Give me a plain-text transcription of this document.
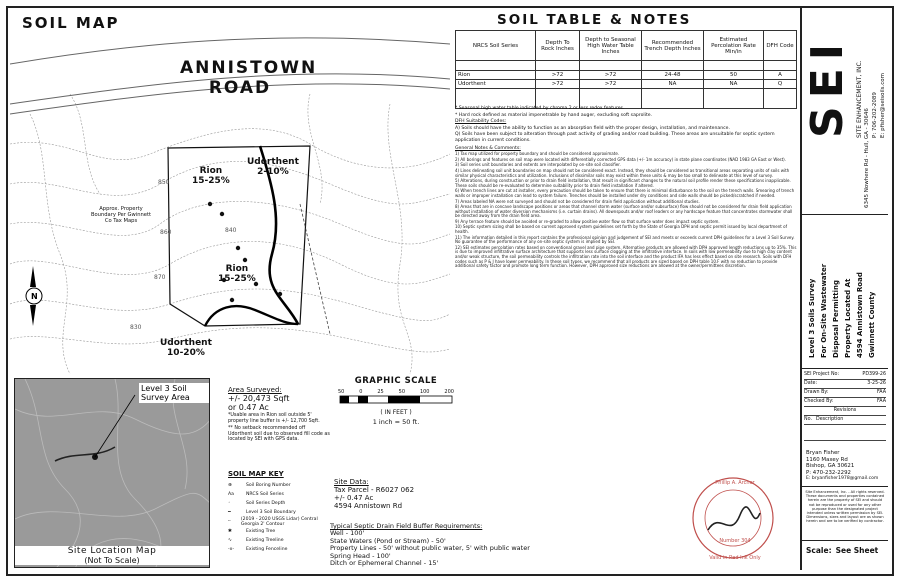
SOIL MAP
N
870
860
850
840
830
ANNISTOWN ROAD
Udorthent
2-10%
Rion
15-25%
Rion
15-25%
Udorthent
10-20%
Approx. Property Boundary Per Gwinnett Co Tax Maps
SOIL TABLE & NOTES
NRCS Soil Series	Depth To Rock Inches	Depth to Seasonal High Water Table Inches	Recommended Trench Depth Inches	Estimated Percolation Rate Min/in	DFH Code

Rion	>72	>72	24-48	50	A
Udorthent	>72	>72	NA	NA	Q

* Seasonal high water table indicated by chroma 2 or less redox features.

* Hard rock defined as material impenetrable by hand auger, excluding soft saprolite.

DFH Suitability Codes:

A) Soils should have the ability to function as an absorption field with the proper design, installation, and maintenance.

Q) Soils have been subject to alteration through past activity of grading and/or road building. These areas are unsuitable for septic system application in current conditions.

General Notes & Comments:

1) Tax map utilized for property boundary and should be considered approximate.

2) All borings and features on soil map were located with differentially corrected GPS data (+/- 1m accuracy) in state plane coordinates (NAD 1983 GA East or West).

3) Soil series unit boundaries and extents are interpolated by on-site soil classifier.

4) Lines delineating soil unit boundaries on map should not be considered exact. Instead, they should be considered as transitional areas separating units of soils with similar physical characteristics and utilization. Inclusions of dissimilar soils may exist within these units & may be too small to delineate at this level of survey.

5) Alterations, during construction or prior to drain field installation, that result in significant changes to the natural soil profile render these specifications inapplicable. These soils should be re-evaluated to determine suitability prior to drain field installation if altered.

6) When trench lines are cut at installer, every precaution should be taken to ensure that there is minimal disturbance to the soil on the trench walls. Smearing of trench walls or improper installation can lead to system failure. Trenches should be installed under dry conditions and side walls should be picked/scratched if needed.

7) Areas labeled NA were not surveyed and should not be considered for drain field application without additional studies.

8) Areas that are in concave landscape positions or areas that channel storm water (surface and/or subsurface) flow should not be considered for drain field application without installation of water diversion mechanisms (i.e. curtain drains). All downspouts and/or roof leaders or any hardscape feature that concentrates stormwater shall be directed away from the drain field area.

9) Any terrace feature should be avoided or re-graded to allow positive water flow so that surface water does impact septic system.

10) Septic system sizing shall be based on current approved system guidelines set forth by the State of Georgia DPH and septic permit issued by local department of health.

11) The information detailed in this report contains the professional opinion and judgement of SEI and meets or exceeds current DPH guidelines for a Level 3 Soil Survey. No guarantee of the performance of any on-site septic system is implied by SEI.

12) SEI estimates percolation rates based on conventional gravel and pipe system. Alternative products are allowed with DPH approved length reductions up to 35%. This is due to improved infiltrative surface architecture that supports less surface clogging at the infiltrative interface. In soils with low permeability due to high clay content and/or weak structure, the soil permeability controls the infiltration rate into the soil interface and the product IFA has less effect based on site research. Soils with DFH codes such as P & J have lower permeability. In these soil types, we recommend that all products are sized based on DPH table 10.F with no reduction to provide additional safety factor and promote long term function. However, DPH approved size reductions are allowed at the owner/permittees discretion.

GRAPHIC SCALE
50	0	25	50	100	200
( IN FEET )
1 inch = 50 ft.
Level 3 Soil Survey Area
Site Location Map
(Not To Scale)
Area Surveyed:
+/- 20,473 Sqft
or 0.47 Ac
*Usable area in Rion soil outside 5' property line buffer is +/- 12,700 Sqft.
** No setback recommended off Udorthent soil due to observed fill code as located by SEI with GPS data.
SOIL MAP KEY
⊕	Soil Boring Number
Aa	NRCS Soil Series
◦	Soil Series Depth
━	Level 3 Soil Boundary
╌	(2019 - 2020 USGS Lidar) Central Georgia 2' Contour
✱	Existing Tree
∿	Existing Treeline
-x-	Existing Fenceline
Site Data:
Tax Parcel - R6027 062
+/- 0.47 Ac
4594 Annistown Rd
Typical Septic Drain Field Buffer Requirements:
Well - 100'
State Waters (Pond or Stream) - 50'
Property Lines - 50' without public water, 5' with public water
Spring Head - 100'
Ditch or Ephemeral Channel - 15'
Phillip A. Archer
Number 304
Valid in Red Ink Only
SEI SITE ENHANCEMENT, INC.
6345 Nowhere Rd - Hull, GA - 30646 P: 706-202-2089 E: pfisher@seisoils.com
Level 3 Soils Survey For On-Site Wastewater Disposal Permitting Property Located At 4594 Annistown Road Gwinnett County
SEI Project No:	PD399-26
Date:	3-25-26
Drawn By:	FAA
Checked By:	FAA
Revisions
No. Description
Bryan Fisher
1160 Maxey Rd
Bishop, GA 30621
P: 470-232-2292
E: bryanfisher1978@gmail.com
Site Enhancement, Inc. - All rights reserved. These documents and properties contained herein are the property of SEI and should not be reproduced or used for any other purpose than the designated project intended unless written permission by SEI. Dimensions, sizes and layout are as shown herein and are to be verified by contractor.
Scale: See Sheet
